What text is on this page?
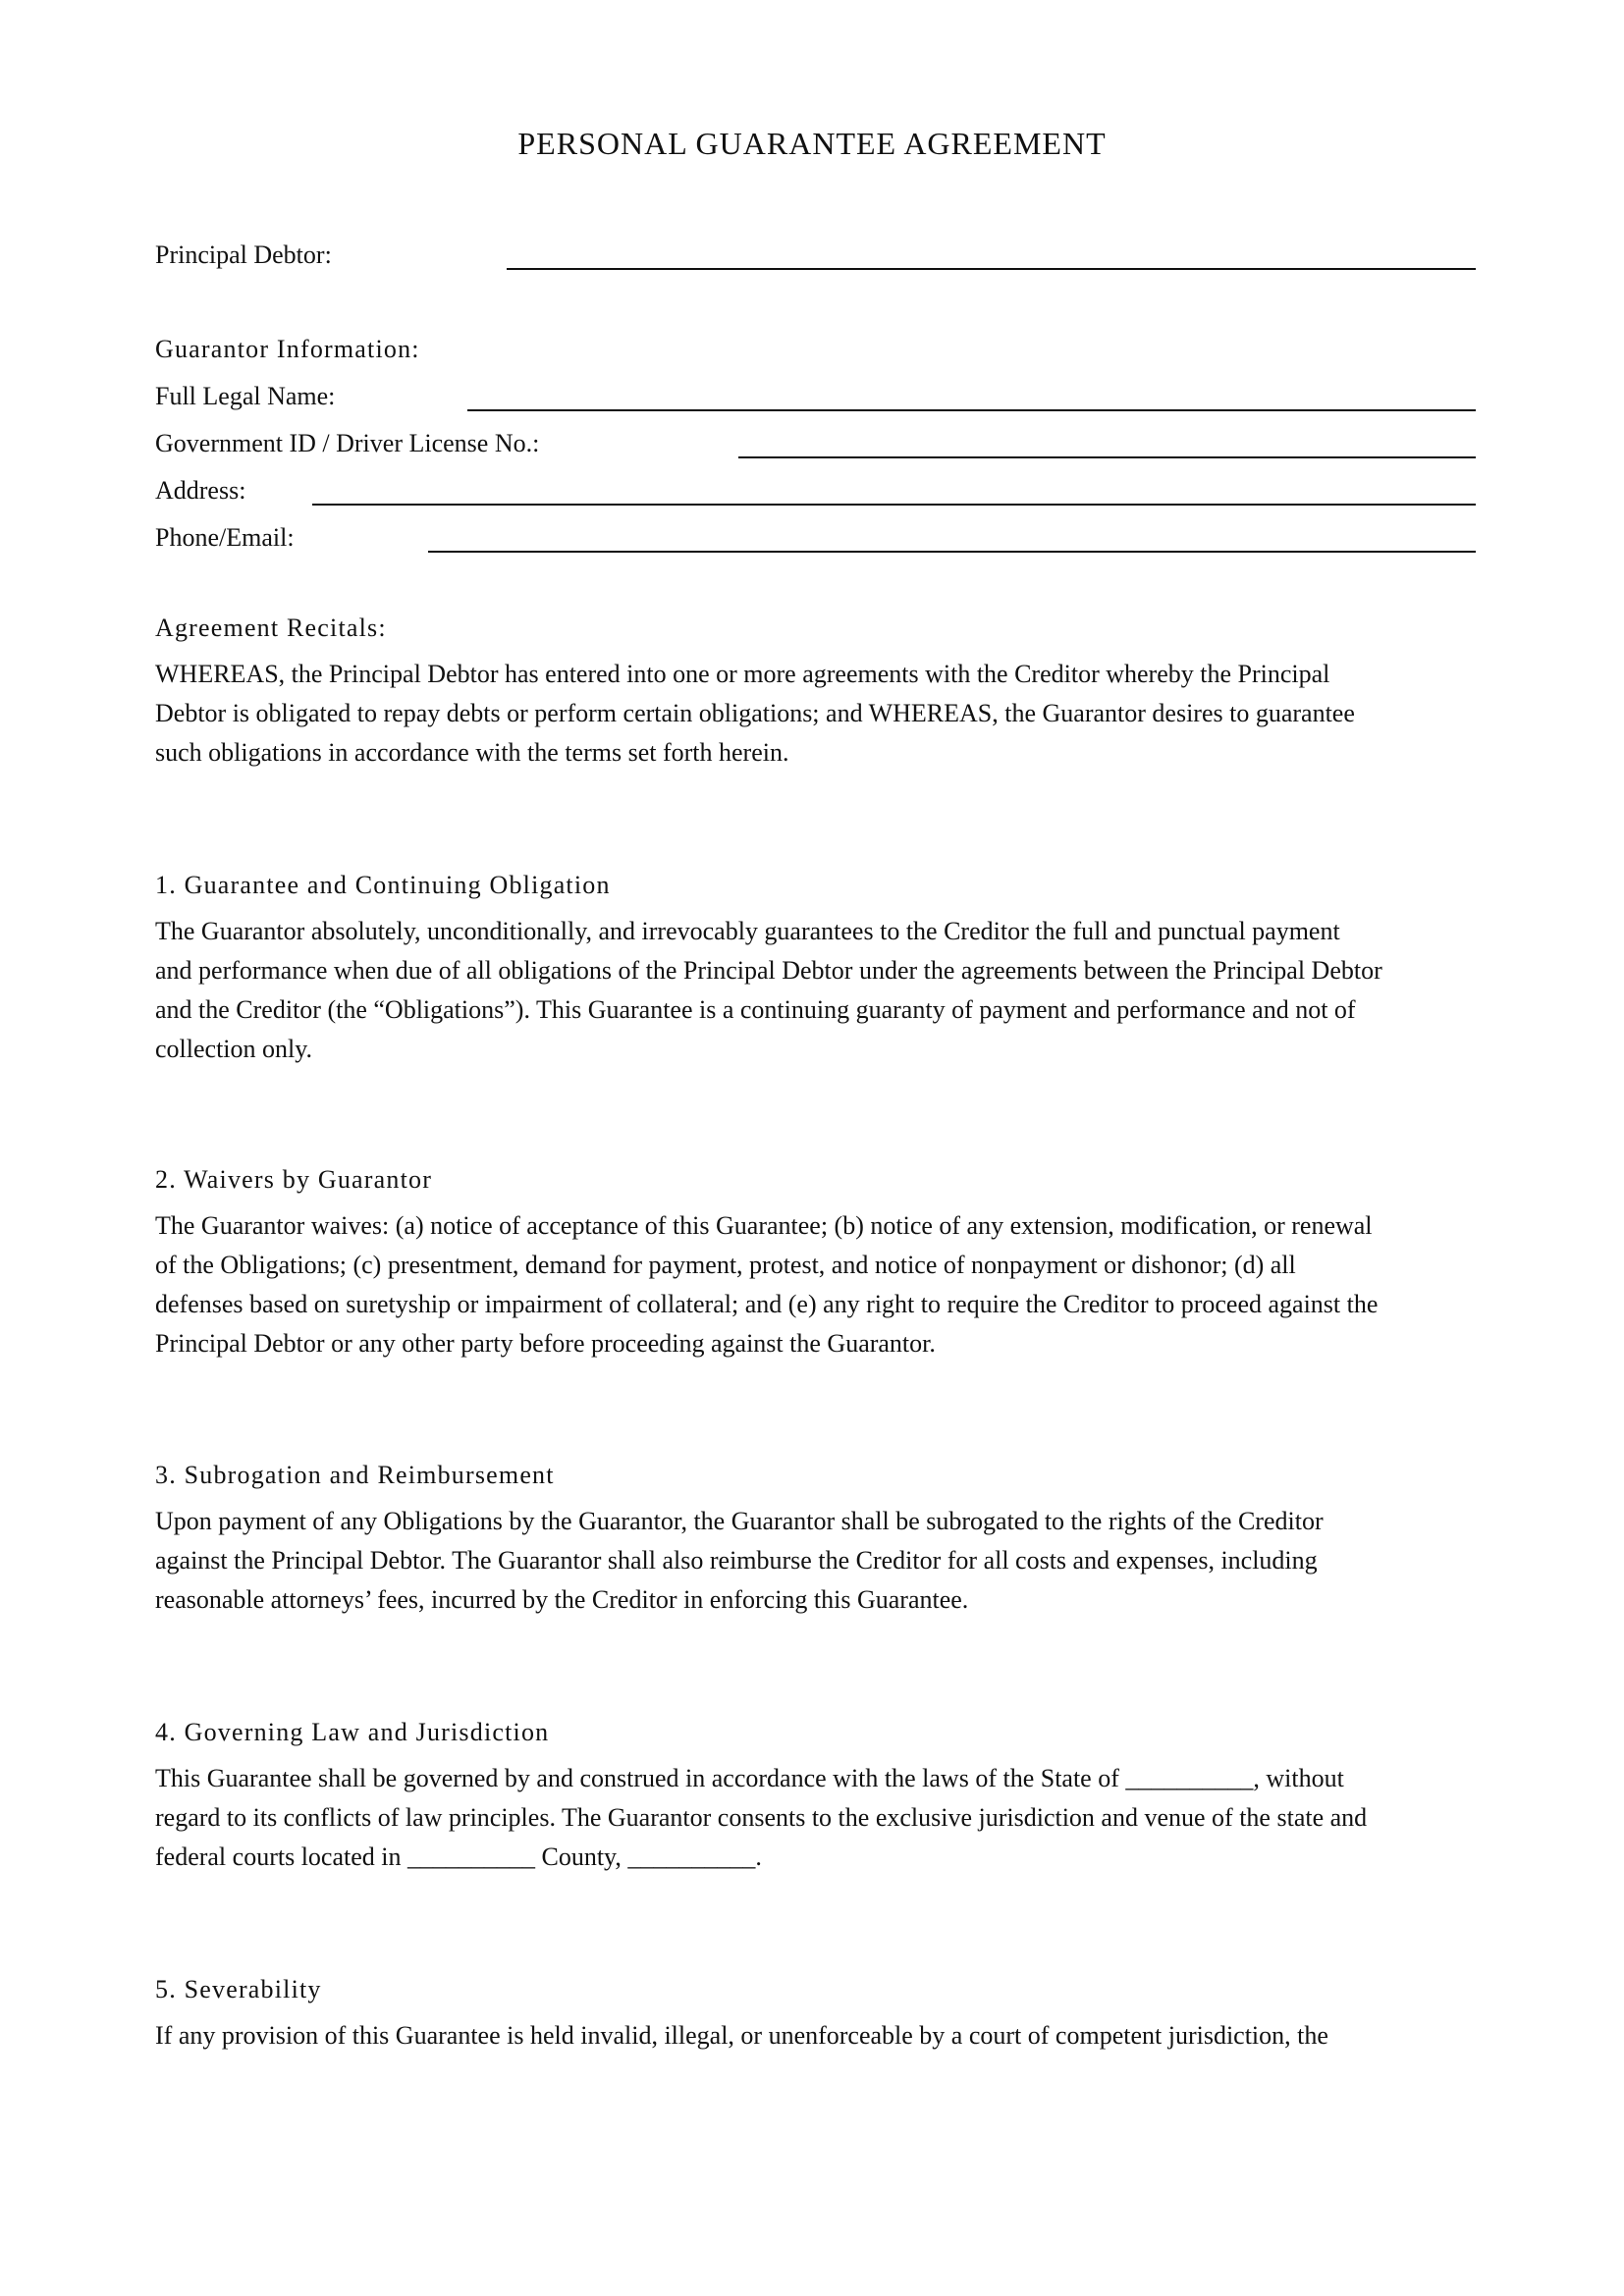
PERSONAL GUARANTEE AGREEMENT
Principal Debtor:
Guarantor Information:
Full Legal Name:
Government ID / Driver License No.:
Address:
Phone/Email:
Agreement Recitals:
WHEREAS, the Principal Debtor has entered into one or more agreements with the Creditor whereby the Principal
Debtor is obligated to repay debts or perform certain obligations; and WHEREAS, the Guarantor desires to guarantee
such obligations in accordance with the terms set forth herein.
1. Guarantee and Continuing Obligation
The Guarantor absolutely, unconditionally, and irrevocably guarantees to the Creditor the full and punctual payment
and performance when due of all obligations of the Principal Debtor under the agreements between the Principal Debtor
and the Creditor (the “Obligations”). This Guarantee is a continuing guaranty of payment and performance and not of
collection only.
2. Waivers by Guarantor
The Guarantor waives: (a) notice of acceptance of this Guarantee; (b) notice of any extension, modification, or renewal
of the Obligations; (c) presentment, demand for payment, protest, and notice of nonpayment or dishonor; (d) all
defenses based on suretyship or impairment of collateral; and (e) any right to require the Creditor to proceed against the
Principal Debtor or any other party before proceeding against the Guarantor.
3. Subrogation and Reimbursement
Upon payment of any Obligations by the Guarantor, the Guarantor shall be subrogated to the rights of the Creditor
against the Principal Debtor. The Guarantor shall also reimburse the Creditor for all costs and expenses, including
reasonable attorneys’ fees, incurred by the Creditor in enforcing this Guarantee.
4. Governing Law and Jurisdiction
This Guarantee shall be governed by and construed in accordance with the laws of the State of __________, without
regard to its conflicts of law principles. The Guarantor consents to the exclusive jurisdiction and venue of the state and
federal courts located in __________ County, __________.
5. Severability
If any provision of this Guarantee is held invalid, illegal, or unenforceable by a court of competent jurisdiction, the
